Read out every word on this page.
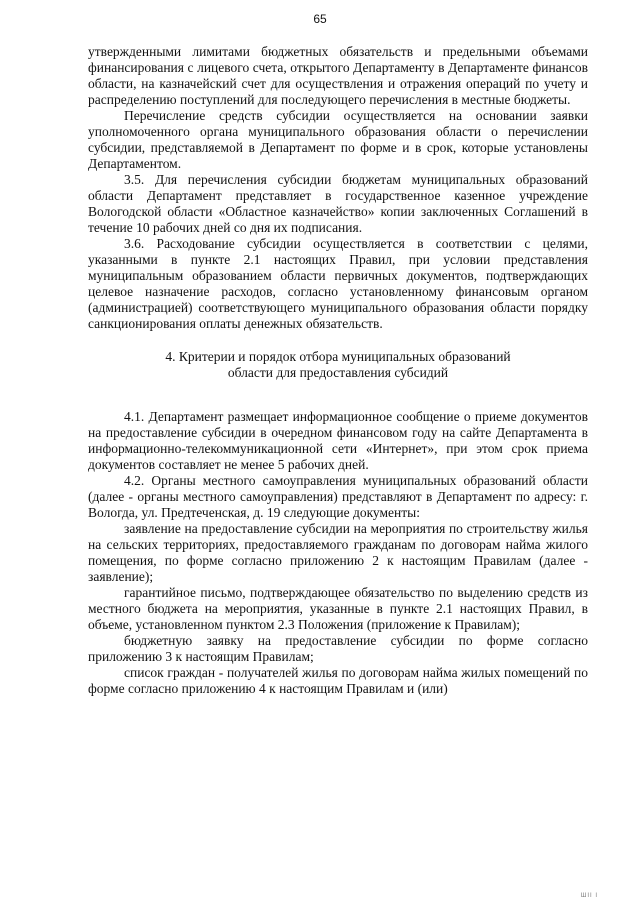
65

утвержденными лимитами бюджетных обязательств и предельными объемами финансирования с лицевого счета, открытого Департаменту в Департаменте финансов области, на казначейский счет для осуществления и отражения операций по учету и распределению поступлений для последующего перечисления в местные бюджеты.

Перечисление средств субсидии осуществляется на основании заявки уполномоченного органа муниципального образования области о перечислении субсидии, представляемой в Департамент по форме и в срок, которые установлены Департаментом.

3.5. Для перечисления субсидии бюджетам муниципальных образований области Департамент представляет в государственное казенное учреждение Вологодской области «Областное казначейство» копии заключенных Соглашений в течение 10 рабочих дней со дня их подписания.

3.6. Расходование субсидии осуществляется в соответствии с целями, указанными в пункте 2.1 настоящих Правил, при условии представления муниципальным образованием области первичных документов, подтверждающих целевое назначение расходов, согласно установленному финансовым органом (администрацией) соответствующего муниципального образования области порядку санкционирования оплаты денежных обязательств.

4. Критерии и порядок отбора муниципальных образований
области для предоставления субсидий

4.1. Департамент размещает информационное сообщение о приеме документов на предоставление субсидии в очередном финансовом году на сайте Департамента в информационно-телекоммуникационной сети «Интернет», при этом срок приема документов составляет не менее 5 рабочих дней.

4.2. Органы местного самоуправления муниципальных образований области (далее - органы местного самоуправления) представляют в Департамент по адресу: г. Вологда, ул. Предтеченская, д. 19 следующие документы:

заявление на предоставление субсидии на мероприятия по строительству жилья на сельских территориях, предоставляемого гражданам по договорам найма жилого помещения, по форме согласно приложению 2 к настоящим Правилам (далее - заявление);

гарантийное письмо, подтверждающее обязательство по выделению средств из местного бюджета на мероприятия, указанные в пункте 2.1 настоящих Правил, в объеме, установленном пунктом 2.3 Положения (приложение к Правилам);

бюджетную заявку на предоставление субсидии по форме согласно приложению 3 к настоящим Правилам;

список граждан - получателей жилья по договорам найма жилых помещений по форме согласно приложению 4 к настоящим Правилам и (или)

ШII I
